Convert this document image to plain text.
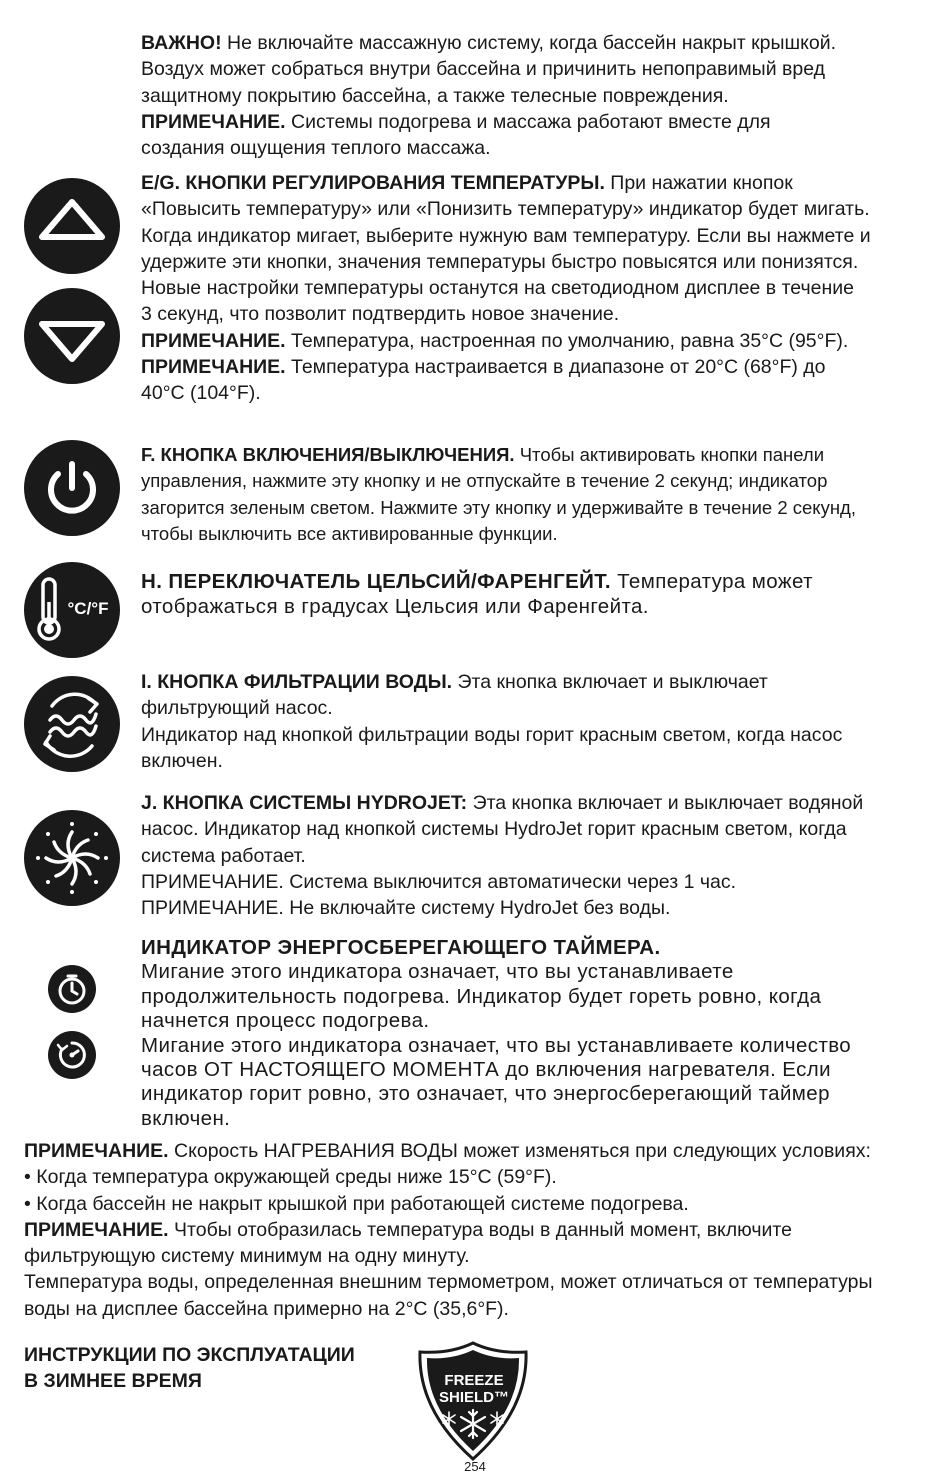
ВАЖНО! Не включайте массажную систему, когда бассейн накрыт крышкой.
Воздух может собраться внутри бассейна и причинить непоправимый вред
защитному покрытию бассейна, а также телесные повреждения.
ПРИМЕЧАНИЕ. Системы подогрева и массажа работают вместе для
создания ощущения теплого массажа.
E/G. КНОПКИ РЕГУЛИРОВАНИЯ ТЕМПЕРАТУРЫ. При нажатии кнопок
«Повысить температуру» или «Понизить температуру» индикатор будет мигать.
Когда индикатор мигает, выберите нужную вам температуру. Если вы нажмете и
удержите эти кнопки, значения температуры быстро повысятся или понизятся.
Новые настройки температуры останутся на светодиодном дисплее в течение
3 секунд, что позволит подтвердить новое значение.
ПРИМЕЧАНИЕ. Температура, настроенная по умолчанию, равна 35°C (95°F).
ПРИМЕЧАНИЕ. Температура настраивается в диапазоне от 20°C (68°F) до
40°C (104°F).
F. КНОПКА ВКЛЮЧЕНИЯ/ВЫКЛЮЧЕНИЯ. Чтобы активировать кнопки панели
управления, нажмите эту кнопку и не отпускайте в течение 2 секунд; индикатор
загорится зеленым светом. Нажмите эту кнопку и удерживайте в течение 2 секунд,
чтобы выключить все активированные функции.
°C/°F
H. ПЕРЕКЛЮЧАТЕЛЬ ЦЕЛЬСИЙ/ФАРЕНГЕЙТ. Температура может
отображаться в градусах Цельсия или Фаренгейта.
I. КНОПКА ФИЛЬТРАЦИИ ВОДЫ. Эта кнопка включает и выключает
фильтрующий насос.
Индикатор над кнопкой фильтрации воды горит красным светом, когда насос
включен.
J. КНОПКА СИСТЕМЫ HYDROJET: Эта кнопка включает и выключает водяной
насос. Индикатор над кнопкой системы HydroJet горит красным светом, когда
система работает.
ПРИМЕЧАНИЕ. Система выключится автоматически через 1 час.
ПРИМЕЧАНИЕ. Не включайте систему HydroJet без воды.
ИНДИКАТОР ЭНЕРГОСБЕРЕГАЮЩЕГО ТАЙМЕРА.
Мигание этого индикатора означает, что вы устанавливаете
продолжительность подогрева. Индикатор будет гореть ровно, когда
начнется процесс подогрева.
Мигание этого индикатора означает, что вы устанавливаете количество
часов ОТ НАСТОЯЩЕГО МОМЕНТА до включения нагревателя. Если
индикатор горит ровно, это означает, что энергосберегающий таймер
включен.
ПРИМЕЧАНИЕ. Скорость НАГРЕВАНИЯ ВОДЫ может изменяться при следующих условиях:
• Когда температура окружающей среды ниже 15°C (59°F).
• Когда бассейн не накрыт крышкой при работающей системе подогрева.
ПРИМЕЧАНИЕ. Чтобы отобразилась температура воды в данный момент, включите
фильтрующую систему минимум на одну минуту.
Температура воды, определенная внешним термометром, может отличаться от температуры
воды на дисплее бассейна примерно на 2°C (35,6°F).
ИНСТРУКЦИИ ПО ЭКСПЛУАТАЦИИ
В ЗИМНЕЕ ВРЕМЯ	FREEZE
SHIELD™
254
